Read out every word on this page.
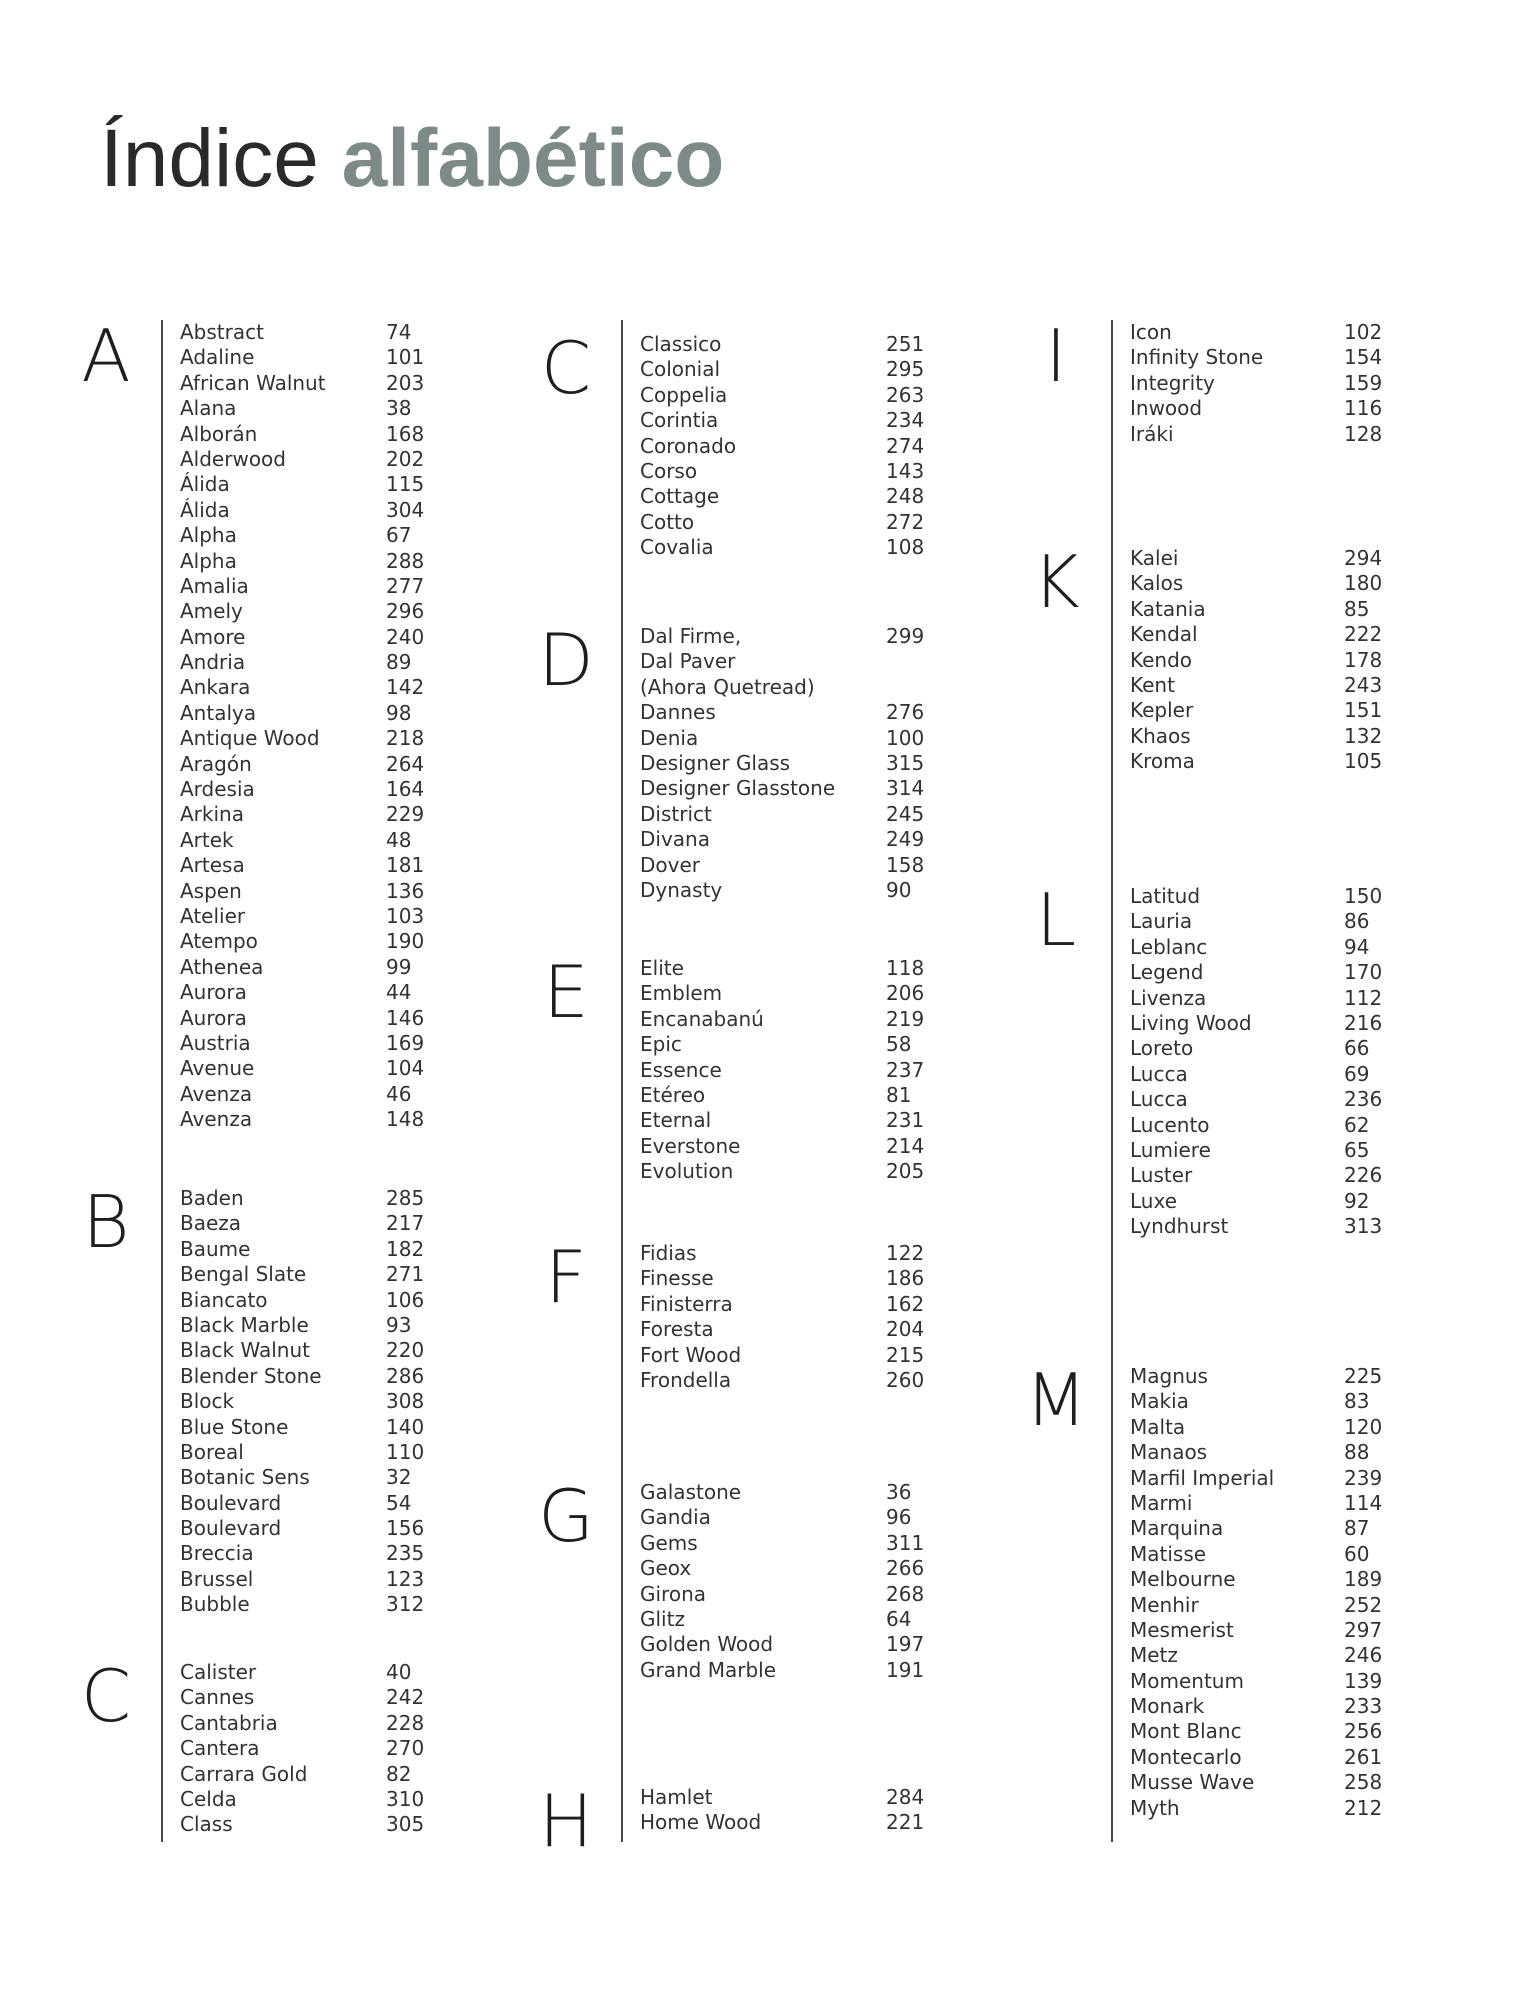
Índice alfabético
A	Abstract	74
Adaline	101
African Walnut	203
Alana	38
Alborán	168
Alderwood	202
Álida	115
Álida	304
Alpha	67
Alpha	288
Amalia	277
Amely	296
Amore	240
Andria	89
Ankara	142
Antalya	98
Antique Wood	218
Aragón	264
Ardesia	164
Arkina	229
Artek	48
Artesa	181
Aspen	136
Atelier	103
Atempo	190
Athenea	99
Aurora	44
Aurora	146
Austria	169
Avenue	104
Avenza	46
Avenza	148
B	Baden	285
Baeza	217
Baume	182
Bengal Slate	271
Biancato	106
Black Marble	93
Black Walnut	220
Blender Stone	286
Block	308
Blue Stone	140
Boreal	110
Botanic Sens	32
Boulevard	54
Boulevard	156
Breccia	235
Brussel	123
Bubble	312
C	Calister	40
Cannes	242
Cantabria	228
Cantera	270
Carrara Gold	82
Celda	310
Class	305
C	Classico	251
Colonial	295
Coppelia	263
Corintia	234
Coronado	274
Corso	143
Cottage	248
Cotto	272
Covalia	108
D	Dal Firme,	299
Dal Paver
(Ahora Quetread)
Dannes	276
Denia	100
Designer Glass	315
Designer Glasstone	314
District	245
Divana	249
Dover	158
Dynasty	90
E	Elite	118
Emblem	206
Encanabanú	219
Epic	58
Essence	237
Etéreo	81
Eternal	231
Everstone	214
Evolution	205
F	Fidias	122
Finesse	186
Finisterra	162
Foresta	204
Fort Wood	215
Frondella	260
G	Galastone	36
Gandia	96
Gems	311
Geox	266
Girona	268
Glitz	64
Golden Wood	197
Grand Marble	191
H	Hamlet	284
Home Wood	221
I	Icon	102
Infinity Stone	154
Integrity	159
Inwood	116
Iráki	128
K	Kalei	294
Kalos	180
Katania	85
Kendal	222
Kendo	178
Kent	243
Kepler	151
Khaos	132
Kroma	105
L	Latitud	150
Lauria	86
Leblanc	94
Legend	170
Livenza	112
Living Wood	216
Loreto	66
Lucca	69
Lucca	236
Lucento	62
Lumiere	65
Luster	226
Luxe	92
Lyndhurst	313
M	Magnus	225
Makia	83
Malta	120
Manaos	88
Marfil Imperial	239
Marmi	114
Marquina	87
Matisse	60
Melbourne	189
Menhir	252
Mesmerist	297
Metz	246
Momentum	139
Monark	233
Mont Blanc	256
Montecarlo	261
Musse Wave	258
Myth	212
